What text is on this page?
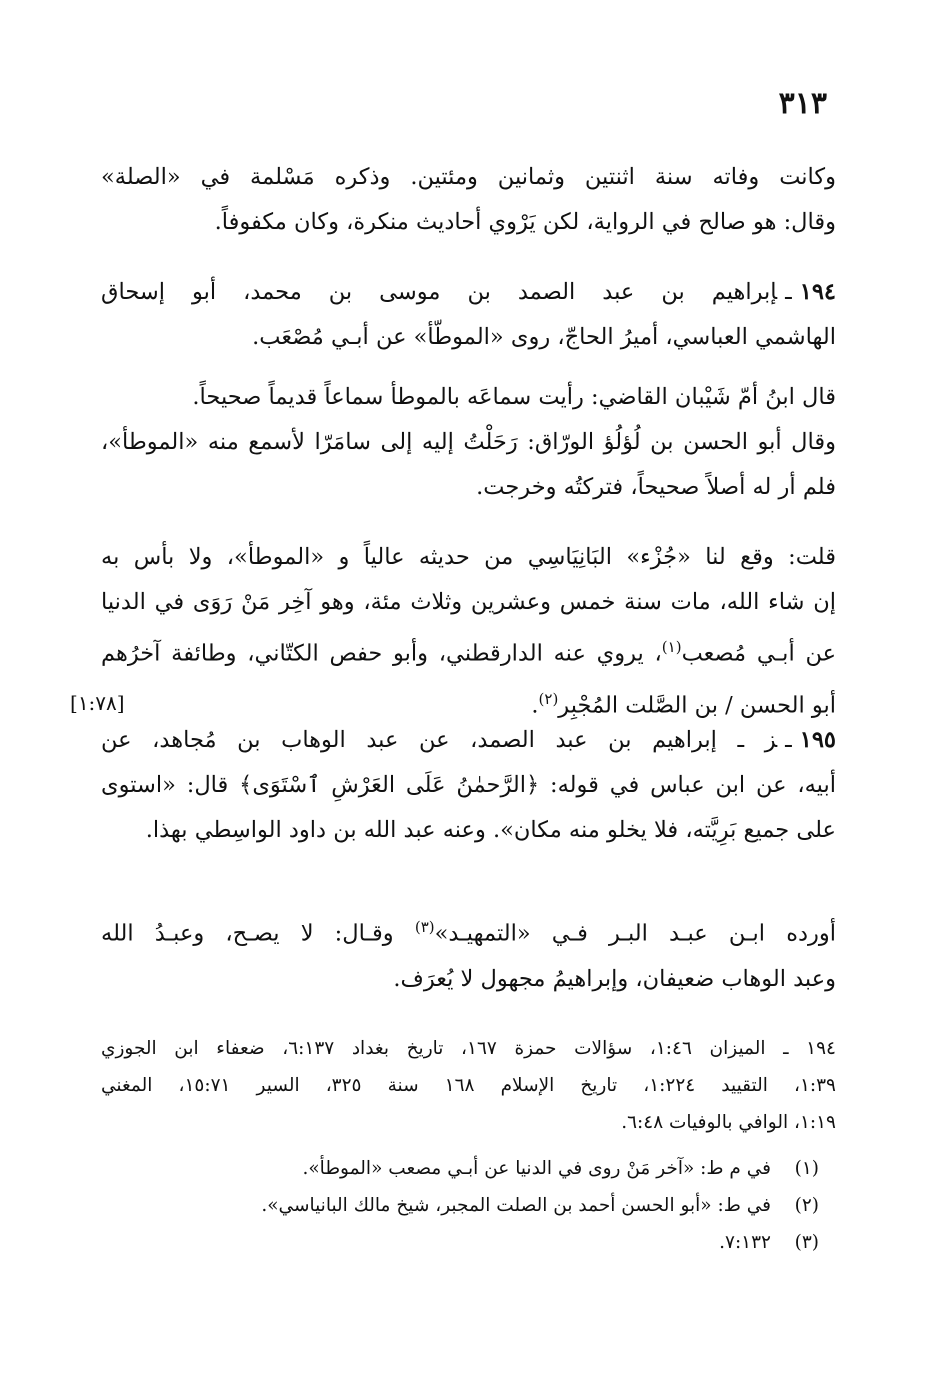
٣١٣

وكانت وفاته سنة اثنتين وثمانين ومئتين. وذكره مَسْلمة في «الصلة»
وقال: هو صالح في الرواية، لكن يَرْوي أحاديث منكرة، وكان مكفوفاً.
١٩٤ـإبراهيم بن عبد الصمد بن موسى بن محمد، أبو إسحاق
الهاشمي العباسي، أميرُ الحاجّ، روى «الموطّأ» عن أبـي مُصْعَب.
قال ابنُ أمّ شَيْبان القاضي: رأيت سماعَه بالموطأ سماعاً قديماً صحيحاً.
وقال أبو الحسن بن لُؤلُؤ الورّاق: رَحَلْتُ إليه إلى سامَرّا لأسمع منه «الموطأ»،
فلم أر له أصلاً صحيحاً، فتركتُه وخرجت.
قلت: وقع لنا «جُزْء» البَانِيَاسِي من حديثه عالياً و «الموطأ»، ولا بأس به
إن شاء الله، مات سنة خمس وعشرين وثلاث مئة، وهو آخِر مَنْ رَوَى في الدنيا
عن أبـي مُصعب$^{(١)}$، يروي عنه الدارقطني، وأبو حفص الكتّاني، وطائفة آخرُهم
أبو الحسن / بن الصَّلت المُجْبِر$^{(٢)}$.
[١:٧٨]
١٩٥ـز ـ إبراهيم بن عبد الصمد، عن عبد الوهاب بن مُجاهد، عن
أبيه، عن ابن عباس في قوله: ﴿الرَّحمٰنُ عَلَى العَرْشِ ٱسْتَوَى﴾ قال: «استوى
على جميع بَرِيَّته، فلا يخلو منه مكان». وعنه عبد الله بن داود الواسِطي بهذا.
أورده ابـن عبـد البـر فـي «التمهيـد»$^{(٣)}$ وقـال: لا يصـح، وعبـدُ الله
وعبد الوهاب ضعيفان، وإبراهيمُ مجهول لا يُعرَف.
١٩٤ ـ الميزان ١:٤٦، سؤالات حمزة ١٦٧، تاريخ بغداد ٦:١٣٧، ضعفاء ابن الجوزي
١:٣٩، التقييد ١:٢٢٤، تاريخ الإسلام ١٦٨ سنة ٣٢٥، السير ١٥:٧١، المغني
١:١٩، الوافي بالوفيات ٦:٤٨.
(١)في م ط: «آخر مَنْ روى في الدنيا عن أبـي مصعب «الموطأ».
(٢)في ط: «أبو الحسن أحمد بن الصلت المجبر، شيخ مالك البانياسي».
(٣)٧:١٣٢.
